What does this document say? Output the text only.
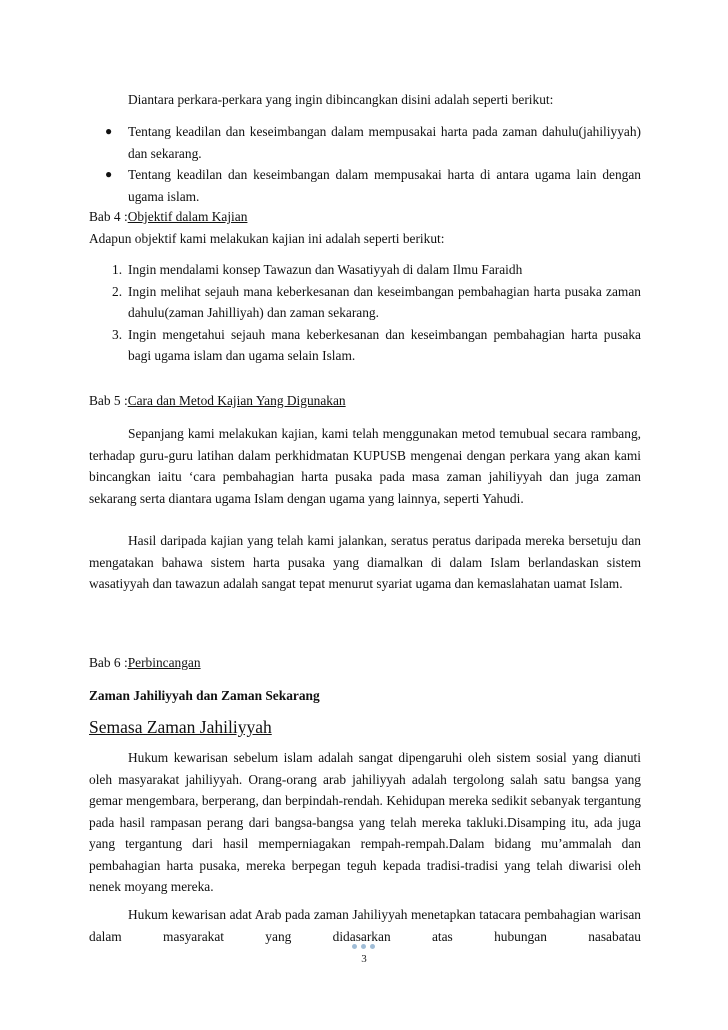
Diantara perkara-perkara yang ingin dibincangkan disini adalah seperti berikut:

● Tentang keadilan dan keseimbangan dalam mempusakai harta pada zaman dahulu(jahiliyyah) dan sekarang.
● Tentang keadilan dan keseimbangan dalam mempusakai harta di antara ugama lain dengan ugama islam.

Bab 4 :Objektif dalam Kajian

Adapun objektif kami melakukan kajian ini adalah seperti berikut:

1. Ingin mendalami konsep Tawazun dan Wasatiyyah di dalam Ilmu Faraidh
2. Ingin melihat sejauh mana keberkesanan dan keseimbangan pembahagian harta pusaka zaman dahulu(zaman Jahilliyah) dan zaman sekarang.
3. Ingin mengetahui sejauh mana keberkesanan dan keseimbangan pembahagian harta pusaka bagi ugama islam dan ugama selain Islam.

Bab 5 :Cara dan Metod Kajian Yang Digunakan

Sepanjang kami melakukan kajian, kami telah menggunakan metod temubual secara rambang, terhadap guru-guru latihan dalam perkhidmatan KUPUSB mengenai dengan perkara yang akan kami bincangkan iaitu ‘cara pembahagian harta pusaka pada masa zaman jahiliyyah dan juga zaman sekarang serta diantara ugama Islam dengan ugama yang lainnya, seperti Yahudi.

Hasil daripada kajian yang telah kami jalankan, seratus peratus daripada mereka bersetuju dan mengatakan bahawa sistem harta pusaka yang diamalkan di dalam Islam berlandaskan sistem wasatiyyah dan tawazun adalah sangat tepat menurut syariat ugama dan kemaslahatan uamat Islam.

Bab 6 :Perbincangan

Zaman Jahiliyyah dan Zaman Sekarang

Semasa Zaman Jahiliyyah

Hukum kewarisan sebelum islam adalah sangat dipengaruhi oleh sistem sosial yang dianuti oleh masyarakat jahiliyyah. Orang-orang arab jahiliyyah adalah tergolong salah satu bangsa yang gemar mengembara, berperang, dan berpindah-rendah. Kehidupan mereka sedikit sebanyak tergantung pada hasil rampasan perang dari bangsa-bangsa yang telah mereka takluki.Disamping itu, ada juga yang tergantung dari hasil memperniagakan rempah-rempah.Dalam bidang mu’ammalah dan pembahagian harta pusaka, mereka berpegan teguh kepada tradisi-tradisi yang telah diwarisi oleh nenek moyang mereka.

Hukum kewarisan adat Arab pada zaman Jahiliyyah menetapkan tatacara pembahagian warisan dalam masyarakat yang didasarkan atas hubungan nasabatau

3
